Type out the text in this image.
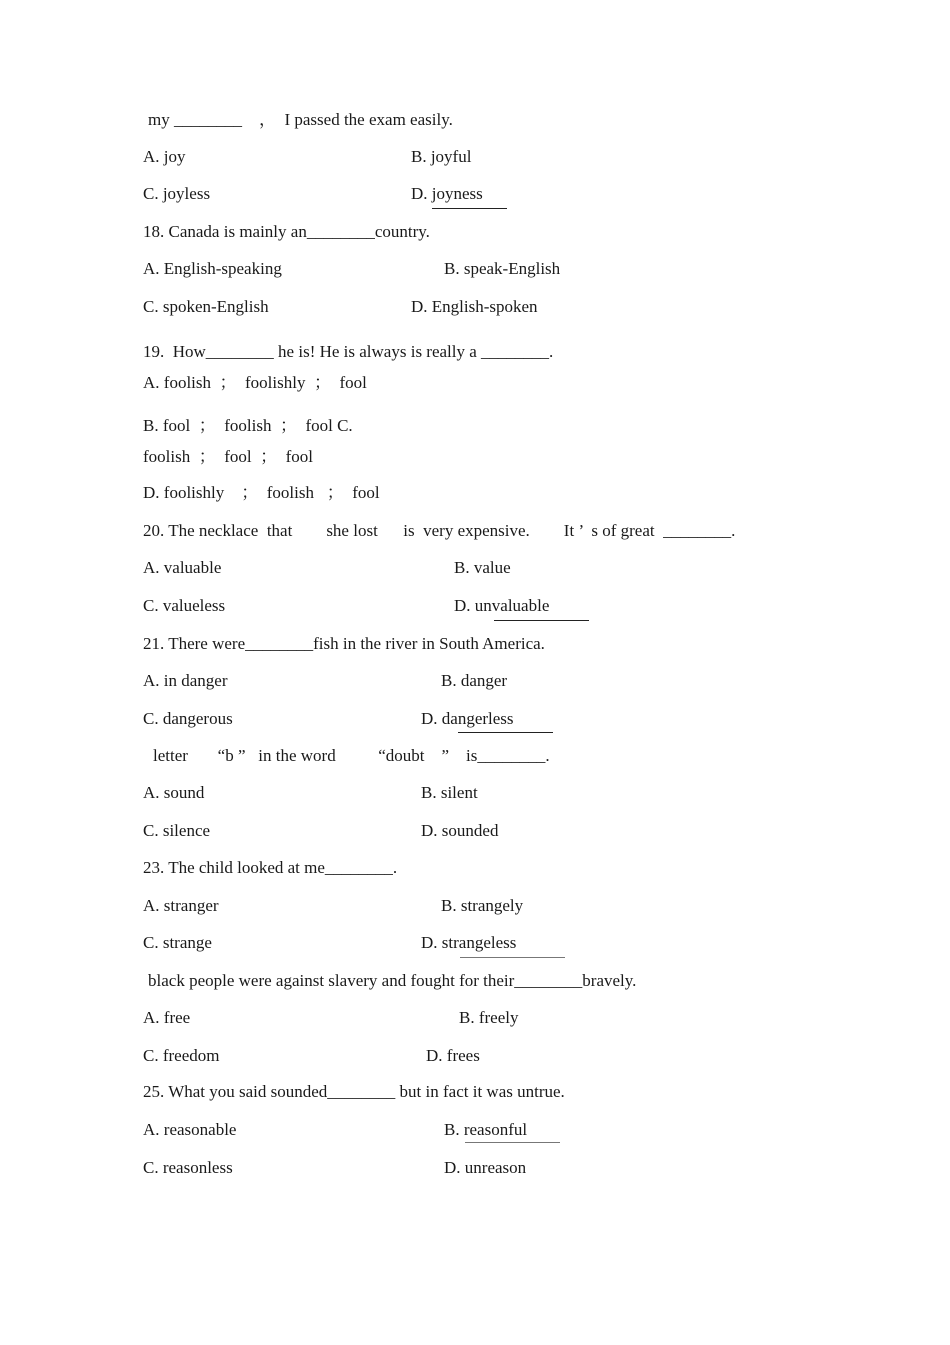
my ________    ，  I passed the exam easily.
A. joy	B. joyful
C. joyless	D. joyness
18. Canada is mainly an________country.
A. English-speaking	B. speak-English
C. spoken-English	D. English-spoken
19.  How________ he is! He is always is really a ________.
A. foolish  ；  foolishly  ；  fool
B. fool  ；  foolish  ；  fool C.
foolish  ；  fool  ；  fool
D. foolishly    ；  foolish   ；  fool
20. The necklace  that        she lost      is  very expensive.        It ’  s of great  ________.
A. valuable	B. value
C. valueless	D. unvaluable
21. There were________fish in the river in South America.
A. in danger	B. danger
C. dangerous	D. dangerless
letter       “b ”   in the word          “doubt    ”    is________.
A. sound	B. silent
C. silence	D. sounded
23. The child looked at me________.
A. stranger	B. strangely
C. strange	D. strangeless
black people were against slavery and fought for their________bravely.
A. free	B. freely
C. freedom	D. frees
25. What you said sounded________ but in fact it was untrue.
A. reasonable	B. reasonful
C. reasonless	D. unreason
